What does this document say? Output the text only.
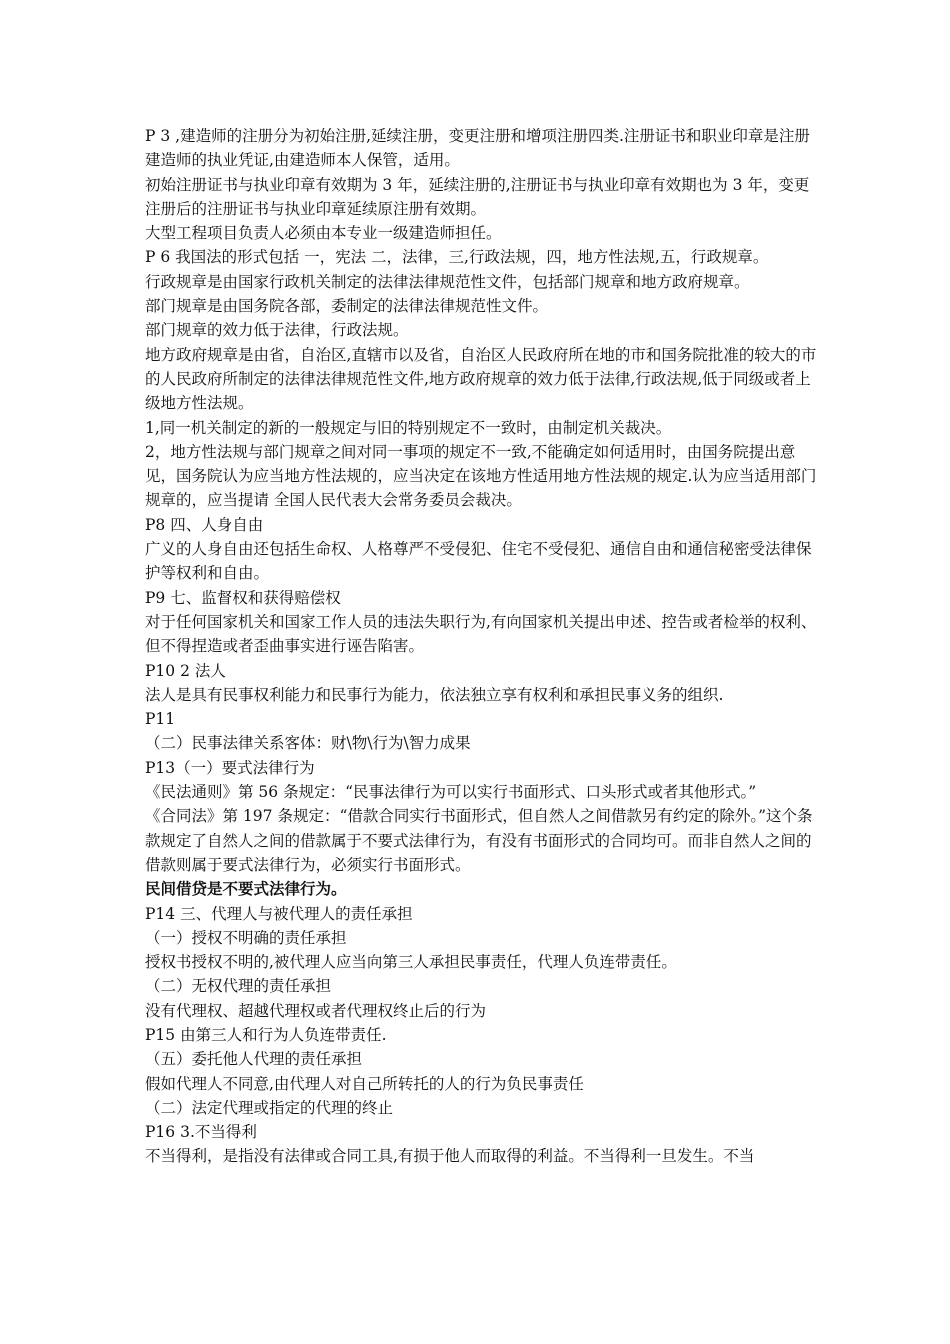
P 3 ,建造师的注册分为初始注册,延续注册，变更注册和增项注册四类.注册证书和职业印章是注册建造师的执业凭证,由建造师本人保管，适用。

初始注册证书与执业印章有效期为 3 年，延续注册的,注册证书与执业印章有效期也为 3 年，变更注册后的注册证书与执业印章延续原注册有效期。

大型工程项目负责人必须由本专业一级建造师担任。

P 6 我国法的形式包括 一，宪法 二，法律，三,行政法规，四，地方性法规,五，行政规章。

行政规章是由国家行政机关制定的法律法律规范性文件，包括部门规章和地方政府规章。

部门规章是由国务院各部，委制定的法律法律规范性文件。

部门规章的效力低于法律，行政法规。

地方政府规章是由省，自治区,直辖市以及省，自治区人民政府所在地的市和国务院批准的较大的市的人民政府所制定的法律法律规范性文件,地方政府规章的效力低于法律,行政法规,低于同级或者上级地方性法规。

1,同一机关制定的新的一般规定与旧的特别规定不一致时，由制定机关裁决。

2，地方性法规与部门规章之间对同一事项的规定不一致,不能确定如何适用时，由国务院提出意见，国务院认为应当地方性法规的，应当决定在该地方性适用地方性法规的规定.认为应当适用部门规章的，应当提请 全国人民代表大会常务委员会裁决。

P8 四、人身自由

广义的人身自由还包括生命权、人格尊严不受侵犯、住宅不受侵犯、通信自由和通信秘密受法律保护等权利和自由。

P9 七、监督权和获得赔偿权

对于任何国家机关和国家工作人员的违法失职行为,有向国家机关提出申述、控告或者检举的权利、但不得捏造或者歪曲事实进行诬告陷害。

P10 2 法人

法人是具有民事权利能力和民事行为能力，依法独立享有权利和承担民事义务的组织.

P11

（二）民事法律关系客体：财\物\行为\智力成果

P13（一）要式法律行为

《民法通则》第 56 条规定：“民事法律行为可以实行书面形式、口头形式或者其他形式。”

《合同法》第 197 条规定：“借款合同实行书面形式，但自然人之间借款另有约定的除外。”这个条款规定了自然人之间的借款属于不要式法律行为，有没有书面形式的合同均可。而非自然人之间的借款则属于要式法律行为，必须实行书面形式。

民间借贷是不要式法律行为。

P14 三、代理人与被代理人的责任承担

（一）授权不明确的责任承担

授权书授权不明的,被代理人应当向第三人承担民事责任，代理人负连带责任。

（二）无权代理的责任承担

没有代理权、超越代理权或者代理权终止后的行为

P15 由第三人和行为人负连带责任.

（五）委托他人代理的责任承担

假如代理人不同意,由代理人对自己所转托的人的行为负民事责任

（二）法定代理或指定的代理的终止

P16 3.不当得利

不当得利，是指没有法律或合同工具,有损于他人而取得的利益。不当得利一旦发生。不当
